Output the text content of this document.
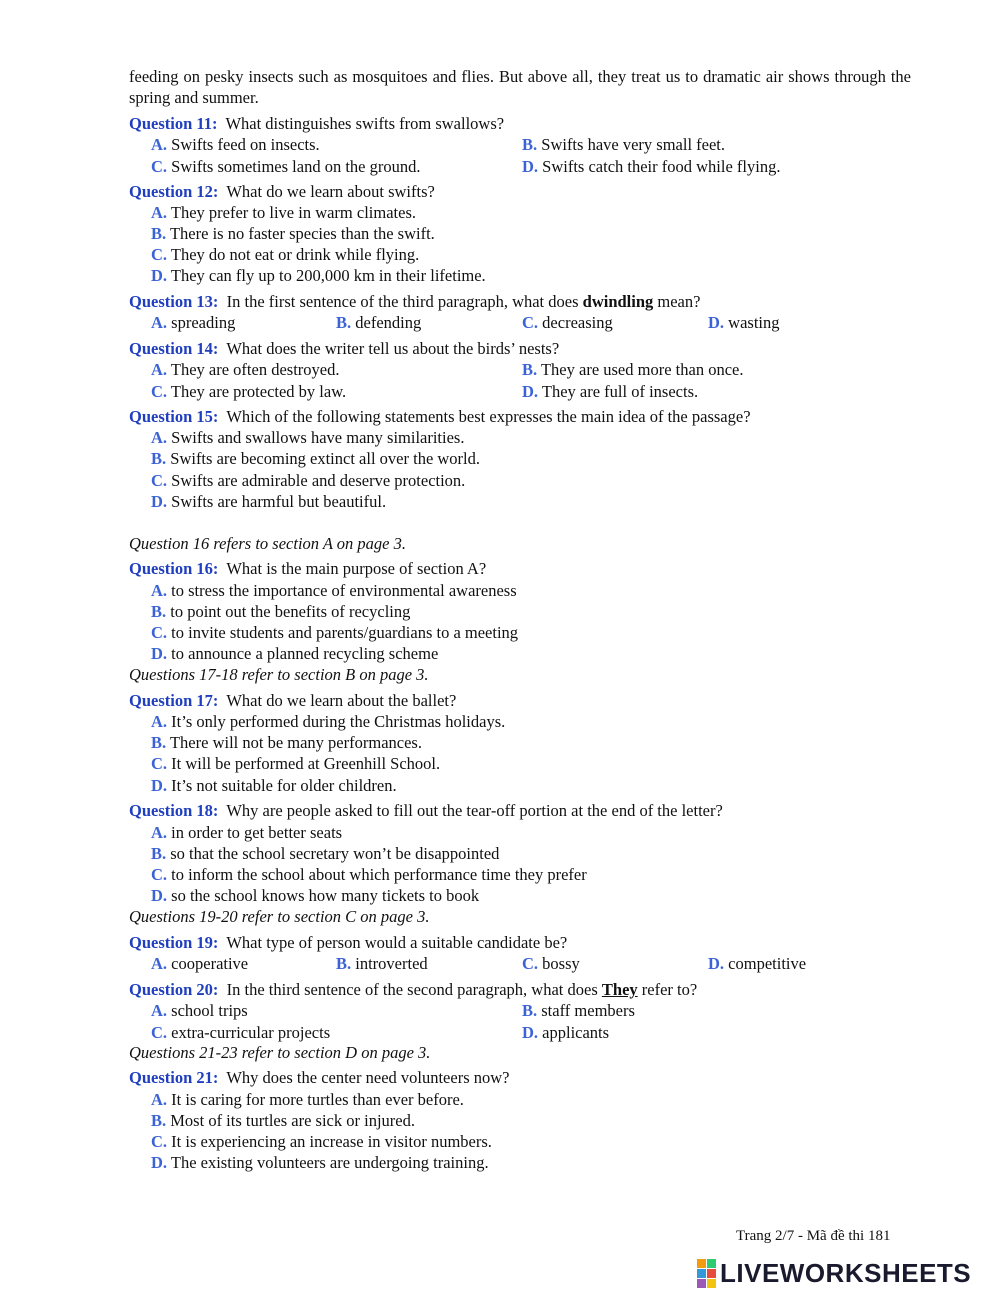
feeding on pesky insects such as mosquitoes and flies. But above all, they treat us to dramatic air shows through the spring and summer.
Question 11: What distinguishes swifts from swallows?
A. Swifts feed on insects.	B. Swifts have very small feet.
C. Swifts sometimes land on the ground.	D. Swifts catch their food while flying.
Question 12: What do we learn about swifts?
A. They prefer to live in warm climates.
B. There is no faster species than the swift.
C. They do not eat or drink while flying.
D. They can fly up to 200,000 km in their lifetime.
Question 13: In the first sentence of the third paragraph, what does dwindling mean?
A. spreading	B. defending	C. decreasing	D. wasting
Question 14: What does the writer tell us about the birds’ nests?
A. They are often destroyed.	B. They are used more than once.
C. They are protected by law.	D. They are full of insects.
Question 15: Which of the following statements best expresses the main idea of the passage?
A. Swifts and swallows have many similarities.
B. Swifts are becoming extinct all over the world.
C. Swifts are admirable and deserve protection.
D. Swifts are harmful but beautiful.
Question 16 refers to section A on page 3.
Question 16: What is the main purpose of section A?
A. to stress the importance of environmental awareness
B. to point out the benefits of recycling
C. to invite students and parents/guardians to a meeting
D. to announce a planned recycling scheme
Questions 17-18 refer to section B on page 3.
Question 17: What do we learn about the ballet?
A. It’s only performed during the Christmas holidays.
B. There will not be many performances.
C. It will be performed at Greenhill School.
D. It’s not suitable for older children.
Question 18: Why are people asked to fill out the tear-off portion at the end of the letter?
A. in order to get better seats
B. so that the school secretary won’t be disappointed
C. to inform the school about which performance time they prefer
D. so the school knows how many tickets to book
Questions 19-20 refer to section C on page 3.
Question 19: What type of person would a suitable candidate be?
A. cooperative	B. introverted	C. bossy	D. competitive
Question 20: In the third sentence of the second paragraph, what does They refer to?
A. school trips	B. staff members
C. extra-curricular projects	D. applicants
Questions 21-23 refer to section D on page 3.
Question 21: Why does the center need volunteers now?
A. It is caring for more turtles than ever before.
B. Most of its turtles are sick or injured.
C. It is experiencing an increase in visitor numbers.
D. The existing volunteers are undergoing training.
Trang 2/7 - Mã đề thi 181
LIVEWORKSHEETS
